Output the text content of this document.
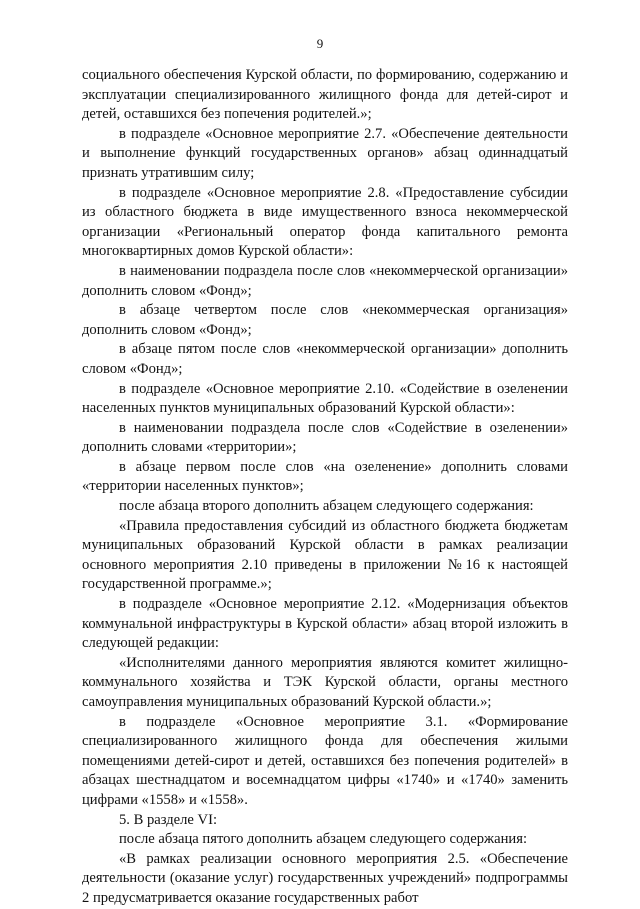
9

социального обеспечения Курской области, по формированию, содержанию и эксплуатации специализированного жилищного фонда для детей-сирот и детей, оставшихся без попечения родителей.»;

в подразделе «Основное мероприятие 2.7. «Обеспечение деятельности и выполнение функций государственных органов» абзац одиннадцатый признать утратившим силу;

в подразделе «Основное мероприятие 2.8. «Предоставление субсидии из областного бюджета в виде имущественного взноса некоммерческой организации «Региональный оператор фонда капитального ремонта многоквартирных домов Курской области»:

в наименовании подраздела после слов «некоммерческой организации» дополнить словом «Фонд»;

в абзаце четвертом после слов «некоммерческая организация» дополнить словом «Фонд»;

в абзаце пятом после слов «некоммерческой организации» дополнить словом «Фонд»;

в подразделе «Основное мероприятие 2.10. «Содействие в озеленении населенных пунктов муниципальных образований Курской области»:

в наименовании подраздела после слов «Содействие в озеленении» дополнить словами «территории»;

в абзаце первом после слов «на озеленение» дополнить словами «территории населенных пунктов»;

после абзаца второго дополнить абзацем следующего содержания:

«Правила предоставления субсидий из областного бюджета бюджетам муниципальных образований Курской области в рамках реализации основного мероприятия 2.10 приведены в приложении №16 к настоящей государственной программе.»;

в подразделе «Основное мероприятие 2.12. «Модернизация объектов коммунальной инфраструктуры в Курской области» абзац второй изложить в следующей редакции:

«Исполнителями данного мероприятия являются комитет жилищно-коммунального хозяйства и ТЭК Курской области, органы местного самоуправления муниципальных образований Курской области.»;

в подразделе «Основное мероприятие 3.1. «Формирование специализированного жилищного фонда для обеспечения жилыми помещениями детей-сирот и детей, оставшихся без попечения родителей» в абзацах шестнадцатом и восемнадцатом цифры «1740» и «1740» заменить цифрами «1558» и «1558».

5. В разделе VI:

после абзаца пятого дополнить абзацем следующего содержания:

«В рамках реализации основного мероприятия 2.5. «Обеспечение деятельности (оказание услуг) государственных учреждений» подпрограммы 2 предусматривается оказание государственных работ
